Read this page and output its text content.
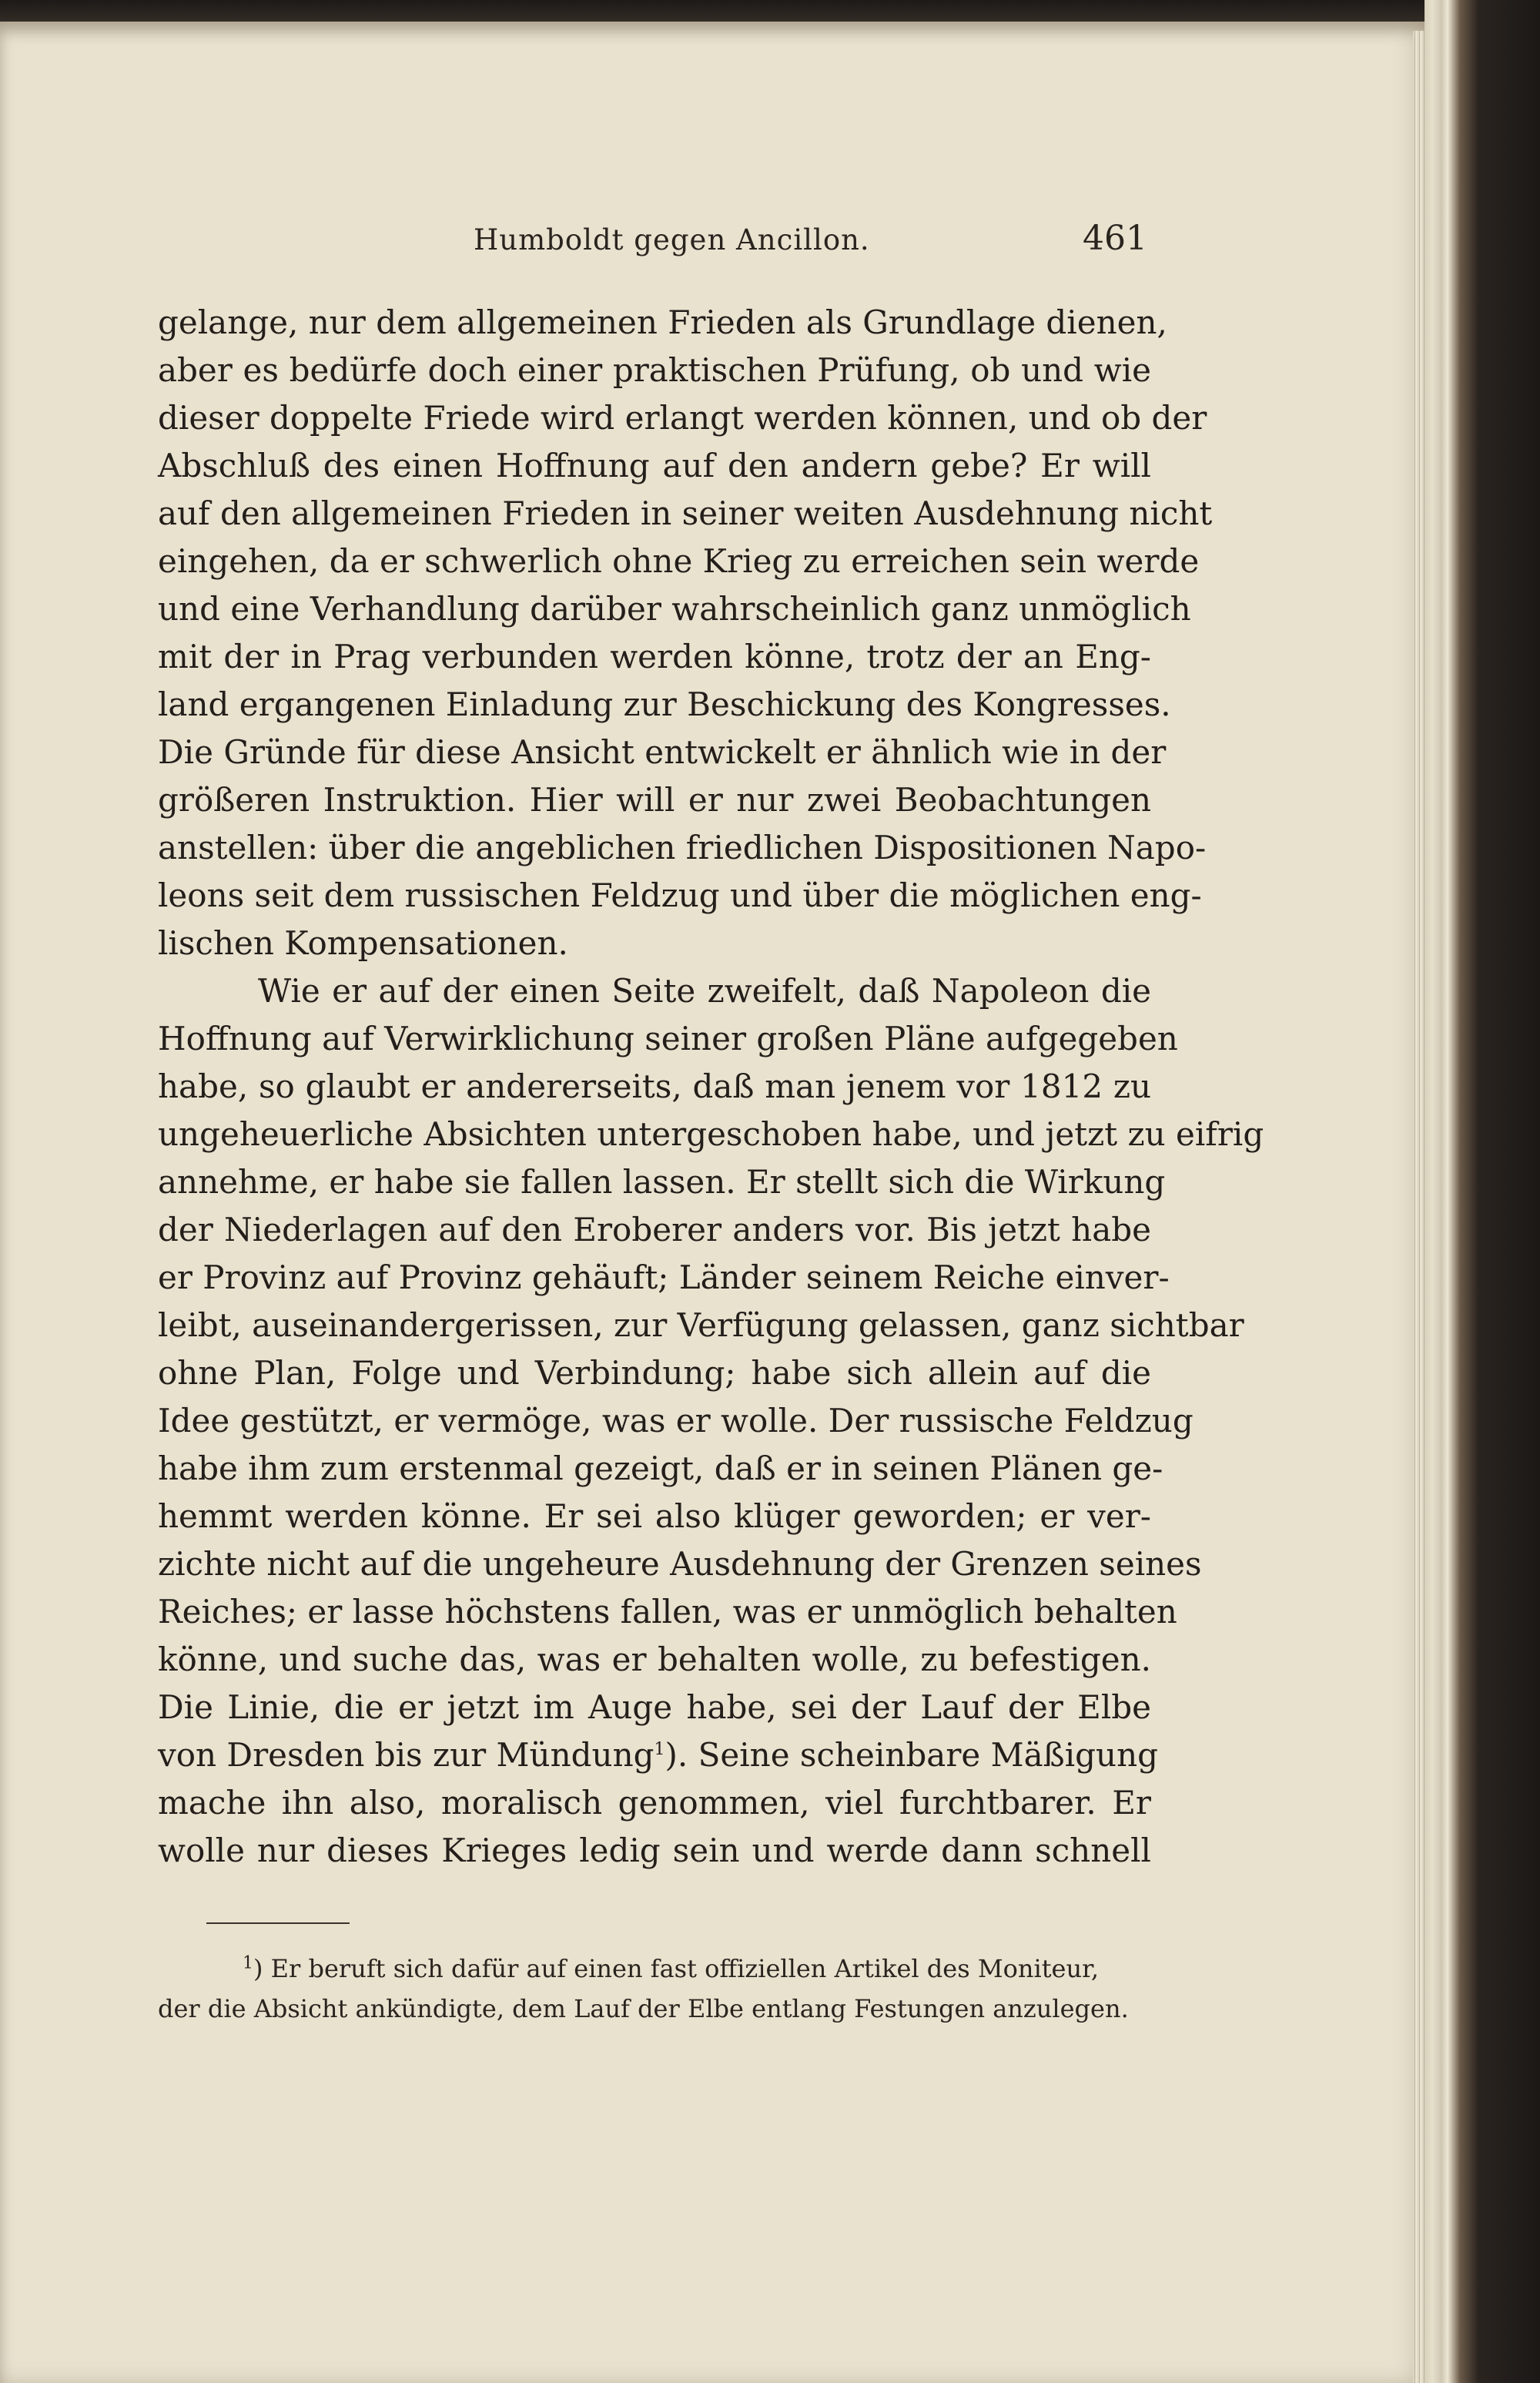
Humboldt gegen Ancillon.	461
gelange, nur dem allgemeinen Frieden als Grundlage dienen,
aber es bedürfe doch einer praktischen Prüfung, ob und wie
dieser doppelte Friede wird erlangt werden können, und ob der
Abschluß des einen Hoffnung auf den andern gebe? Er will
auf den allgemeinen Frieden in seiner weiten Ausdehnung nicht
eingehen, da er schwerlich ohne Krieg zu erreichen sein werde
und eine Verhandlung darüber wahrscheinlich ganz unmöglich
mit der in Prag verbunden werden könne, trotz der an Eng-
land ergangenen Einladung zur Beschickung des Kongresses.
Die Gründe für diese Ansicht entwickelt er ähnlich wie in der
größeren Instruktion. Hier will er nur zwei Beobachtungen
anstellen: über die angeblichen friedlichen Dispositionen Napo-
leons seit dem russischen Feldzug und über die möglichen eng-
lischen Kompensationen.
Wie er auf der einen Seite zweifelt, daß Napoleon die
Hoffnung auf Verwirklichung seiner großen Pläne aufgegeben
habe, so glaubt er andererseits, daß man jenem vor 1812 zu
ungeheuerliche Absichten untergeschoben habe, und jetzt zu eifrig
annehme, er habe sie fallen lassen. Er stellt sich die Wirkung
der Niederlagen auf den Eroberer anders vor. Bis jetzt habe
er Provinz auf Provinz gehäuft; Länder seinem Reiche einver-
leibt, auseinandergerissen, zur Verfügung gelassen, ganz sichtbar
ohne Plan, Folge und Verbindung; habe sich allein auf die
Idee gestützt, er vermöge, was er wolle. Der russische Feldzug
habe ihm zum erstenmal gezeigt, daß er in seinen Plänen ge-
hemmt werden könne. Er sei also klüger geworden; er ver-
zichte nicht auf die ungeheure Ausdehnung der Grenzen seines
Reiches; er lasse höchstens fallen, was er unmöglich behalten
könne, und suche das, was er behalten wolle, zu befestigen.
Die Linie, die er jetzt im Auge habe, sei der Lauf der Elbe
von Dresden bis zur Mündung$^1$). Seine scheinbare Mäßigung
mache ihn also, moralisch genommen, viel furchtbarer. Er
wolle nur dieses Krieges ledig sein und werde dann schnell
$^1$) Er beruft sich dafür auf einen fast offiziellen Artikel des Moniteur,
der die Absicht ankündigte, dem Lauf der Elbe entlang Festungen anzulegen.
